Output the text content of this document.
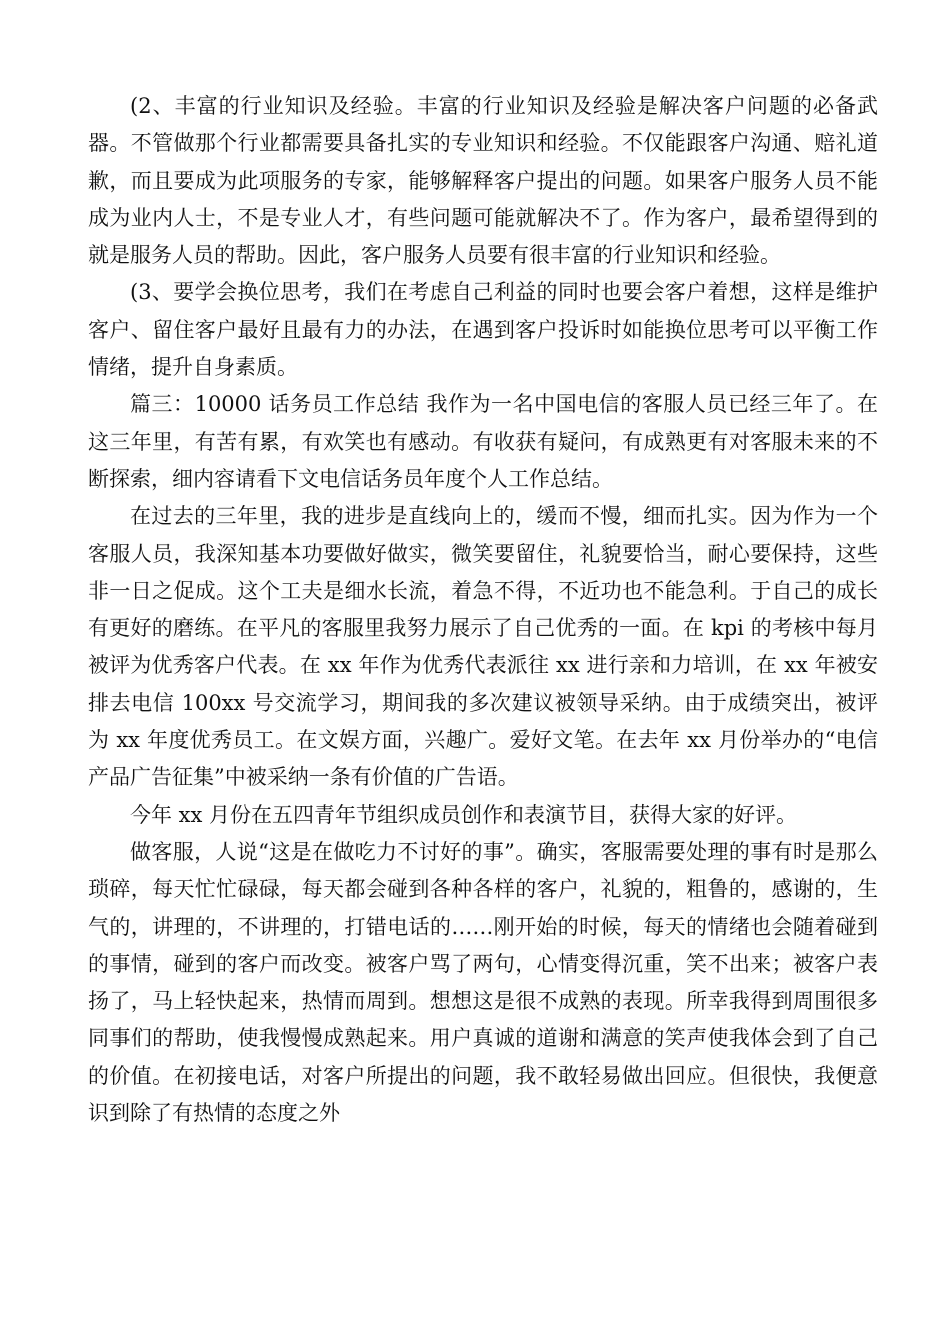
(2、丰富的行业知识及经验。丰富的行业知识及经验是解决客户问题的必备武器。不管做那个行业都需要具备扎实的专业知识和经验。不仅能跟客户沟通、赔礼道歉，而且要成为此项服务的专家，能够解释客户提出的问题。如果客户服务人员不能成为业内人士，不是专业人才，有些问题可能就解决不了。作为客户，最希望得到的就是服务人员的帮助。因此，客户服务人员要有很丰富的行业知识和经验。

(3、要学会换位思考，我们在考虑自己利益的同时也要会客户着想，这样是维护客户、留住客户最好且最有力的办法，在遇到客户投诉时如能换位思考可以平衡工作情绪，提升自身素质。

篇三：10000 话务员工作总结 我作为一名中国电信的客服人员已经三年了。在这三年里，有苦有累，有欢笑也有感动。有收获有疑问，有成熟更有对客服未来的不断探索，细内容请看下文电信话务员年度个人工作总结。

在过去的三年里，我的进步是直线向上的，缓而不慢，细而扎实。因为作为一个客服人员，我深知基本功要做好做实，微笑要留住，礼貌要恰当，耐心要保持，这些非一日之促成。这个工夫是细水长流，着急不得，不近功也不能急利。于自己的成长有更好的磨练。在平凡的客服里我努力展示了自己优秀的一面。在 kpi 的考核中每月被评为优秀客户代表。在 xx 年作为优秀代表派往 xx 进行亲和力培训，在 xx 年被安排去电信 100xx 号交流学习，期间我的多次建议被领导采纳。由于成绩突出，被评为 xx 年度优秀员工。在文娱方面，兴趣广。爱好文笔。在去年 xx 月份举办的“电信产品广告征集”中被采纳一条有价值的广告语。

今年 xx 月份在五四青年节组织成员创作和表演节目，获得大家的好评。

做客服，人说“这是在做吃力不讨好的事”。确实，客服需要处理的事有时是那么琐碎，每天忙忙碌碌，每天都会碰到各种各样的客户，礼貌的，粗鲁的，感谢的，生气的，讲理的，不讲理的，打错电话的……刚开始的时候，每天的情绪也会随着碰到的事情，碰到的客户而改变。被客户骂了两句，心情变得沉重，笑不出来；被客户表扬了，马上轻快起来，热情而周到。想想这是很不成熟的表现。所幸我得到周围很多同事们的帮助，使我慢慢成熟起来。用户真诚的道谢和满意的笑声使我体会到了自己的价值。在初接电话，对客户所提出的问题，我不敢轻易做出回应。但很快，我便意识到除了有热情的态度之外
